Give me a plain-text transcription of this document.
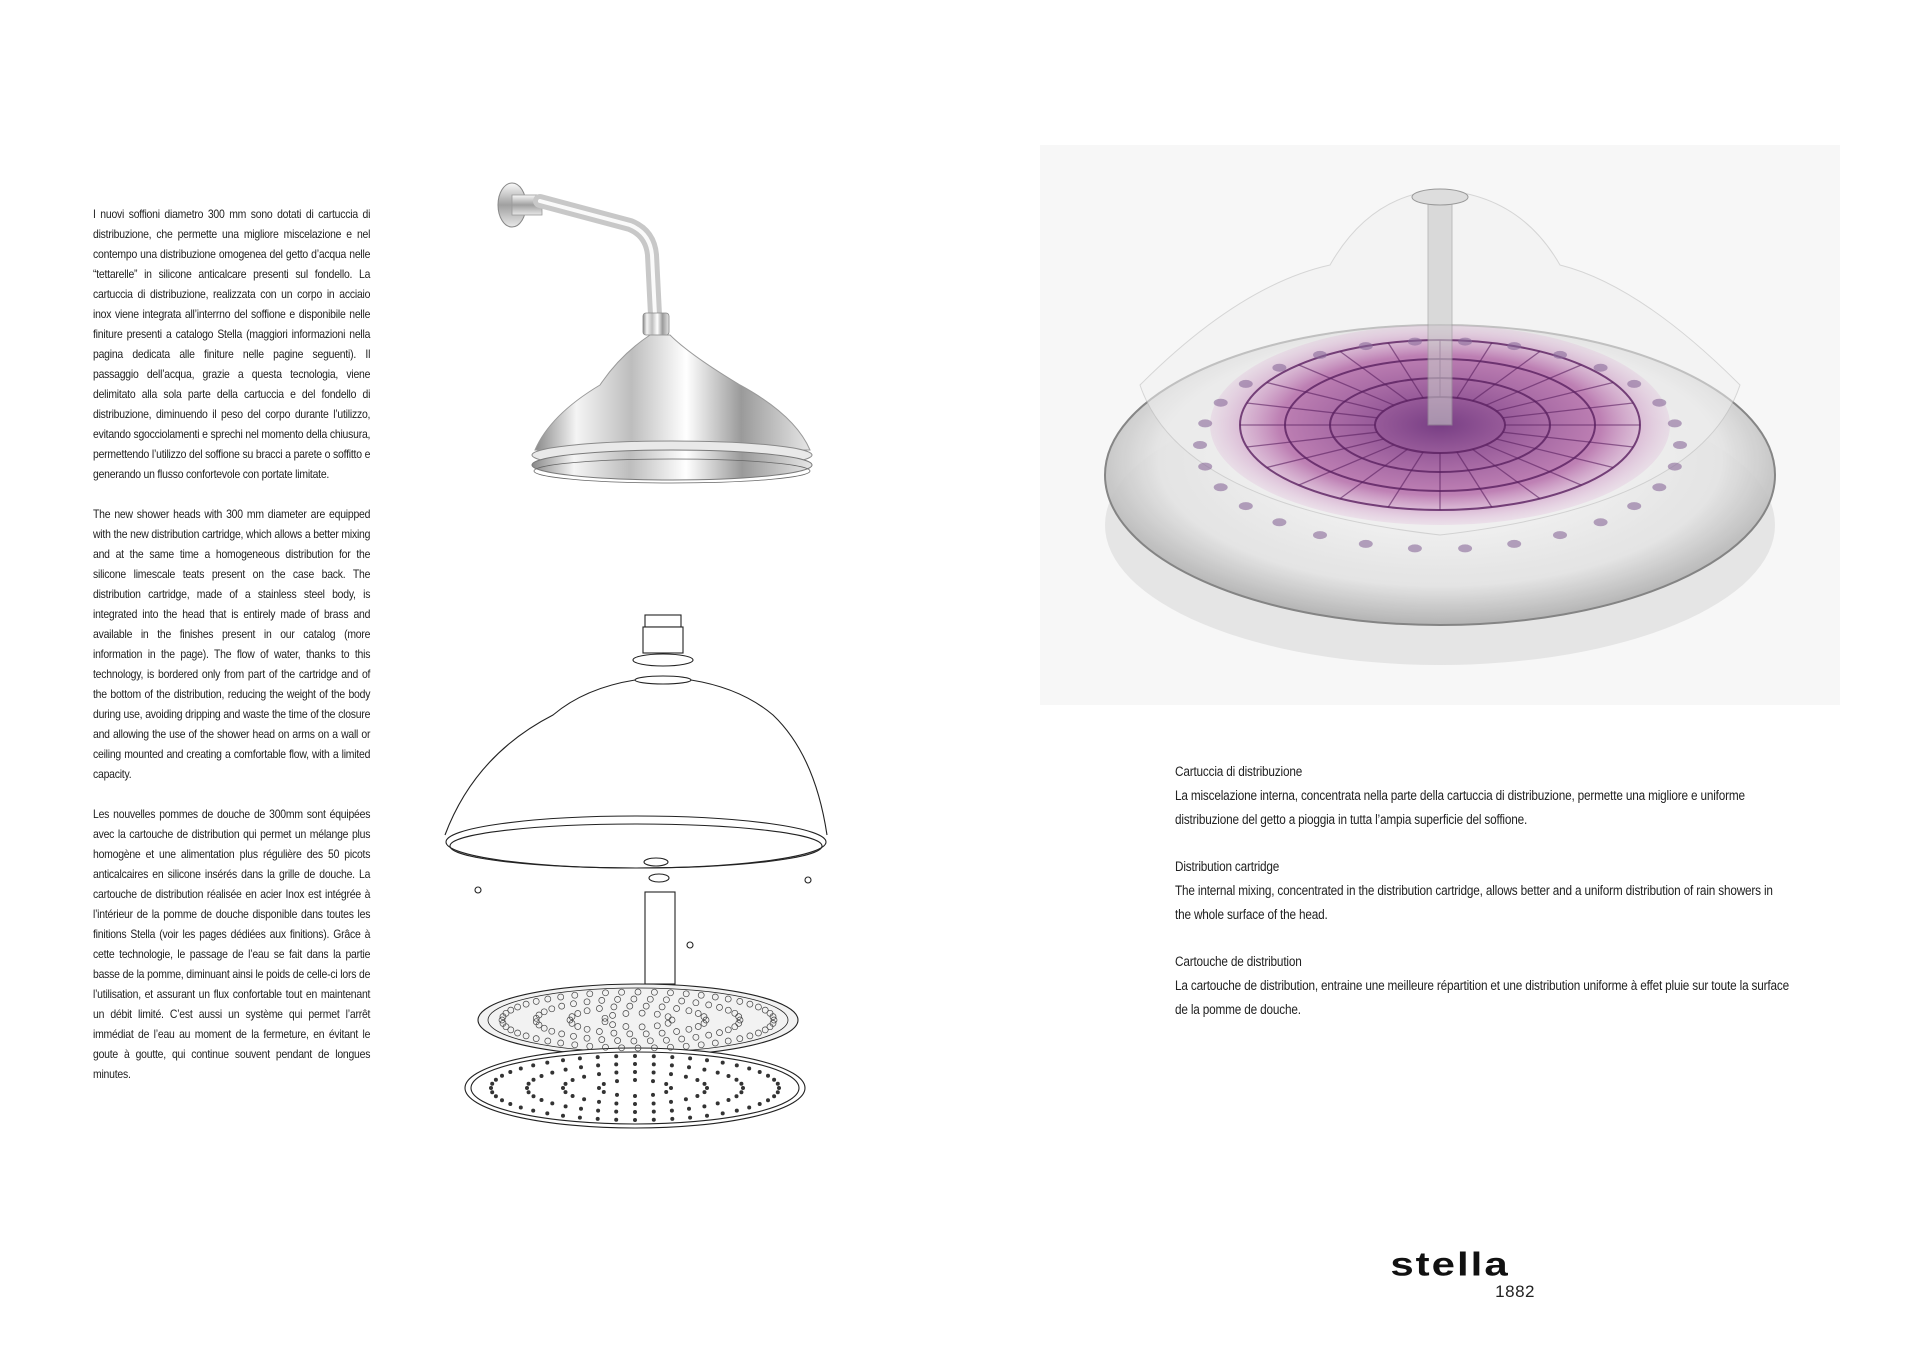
I nuovi soffioni diametro 300 mm sono dotati di cartuccia di distribuzione, che permette una migliore miscelazione e nel contempo una distribuzione omogenea del getto d’acqua nelle “tettarelle” in silicone anticalcare presenti sul fondello. La cartuccia di distribuzione, realizzata con un corpo in acciaio inox viene integrata all’interrno del soffione e disponibile nelle finiture presenti a catalogo Stella (maggiori informazioni nella pagina dedicata alle finiture nelle pagine seguenti). Il passaggio dell’acqua, grazie a questa tecnologia, viene delimitato alla sola parte della cartuccia e del fondello di distribuzione, diminuendo il peso del corpo durante l’utilizzo, evitando sgocciolamenti e sprechi nel momento della chiusura, permettendo l’utilizzo del soffione su bracci a parete o soffitto e generando un flusso confortevole con portate limitate.

The new shower heads with 300 mm diameter are equipped with the new distribution cartridge, which allows a better mixing and at the same time a homogeneous distribution for the silicone limescale teats present on the case back. The distribution cartridge, made of a stainless steel body, is integrated into the head that is entirely made of brass and available in the finishes present in our catalog (more information in the page). The flow of water, thanks to this technology, is bordered only from part of the cartridge and of the bottom of the distribution, reducing the weight of the body during use, avoiding dripping and waste the time of the closure and allowing the use of the shower head on arms on a wall or ceiling mounted and creating a comfortable flow, with a limited capacity.

Les nouvelles pommes de douche de 300mm sont équipées avec la cartouche de distribution qui permet un mélange plus homogène et une alimentation plus régulière des 50 picots anticalcaires en silicone insérés dans la grille de douche. La cartouche de distribution réalisée en acier Inox est intégrée à l’intérieur de la pomme de douche disponible dans toutes les finitions Stella (voir les pages dédiées aux finitions). Grâce à cette technologie, le passage de l’eau se fait dans la partie basse de la pomme, diminuant ainsi le poids de celle-ci lors de l’utilisation, et assurant un flux confortable tout en maintenant un débit limité. C’est aussi un système qui permet l’arrêt immédiat de l’eau au moment de la fermeture, en évitant le goute à goutte, qui continue souvent pendant de longues minutes.

Cartuccia di distribuzione
La miscelazione interna, concentrata nella parte della cartuccia di distribuzione, permette una migliore e uniforme distribuzione del getto a pioggia in tutta l’ampia superficie del soffione.
Distribution cartridge
The internal mixing, concentrated in the distribution cartridge, allows better and a uniform distribution of rain showers in the whole surface of the head.
Cartouche de distribution
La cartouche de distribution, entraine une meilleure répartition et une distribution uniforme à effet pluie sur toute la surface de la pomme de douche.
stella
1882
